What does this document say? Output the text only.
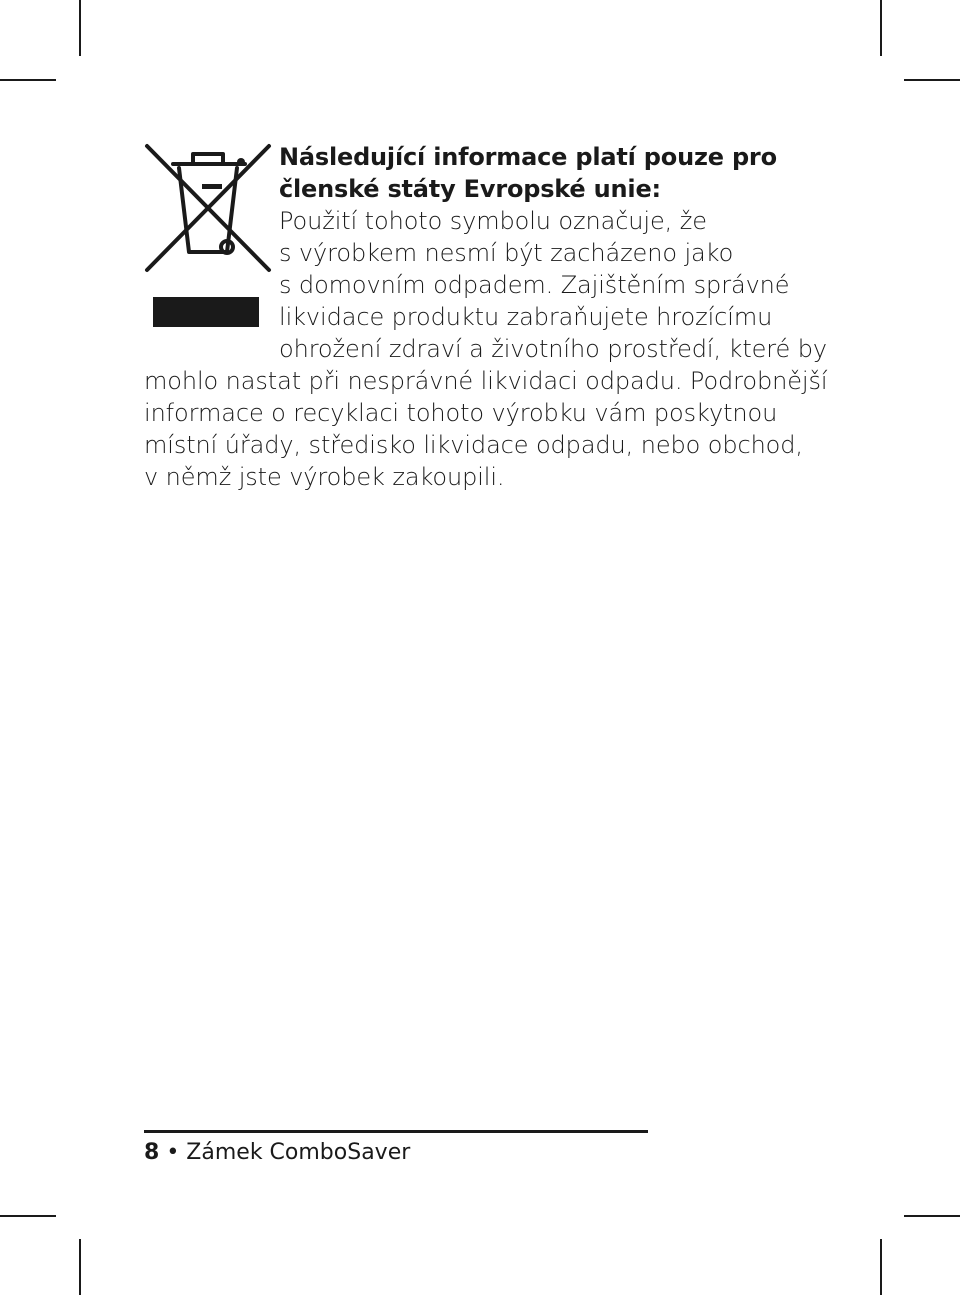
Následující informace platí pouze pro
členské státy Evropské unie:
Použití tohoto symbolu označuje, že
s výrobkem nesmí být zacházeno jako
s domovním odpadem. Zajištěním správné
likvidace produktu zabraňujete hrozícímu
ohrožení zdraví a životního prostředí, které by
mohlo nastat při nesprávné likvidaci odpadu. Podrobnější
informace o recyklaci tohoto výrobku vám poskytnou
místní úřady, středisko likvidace odpadu, nebo obchod,
v němž jste výrobek zakoupili.
8 • Zámek ComboSaver
